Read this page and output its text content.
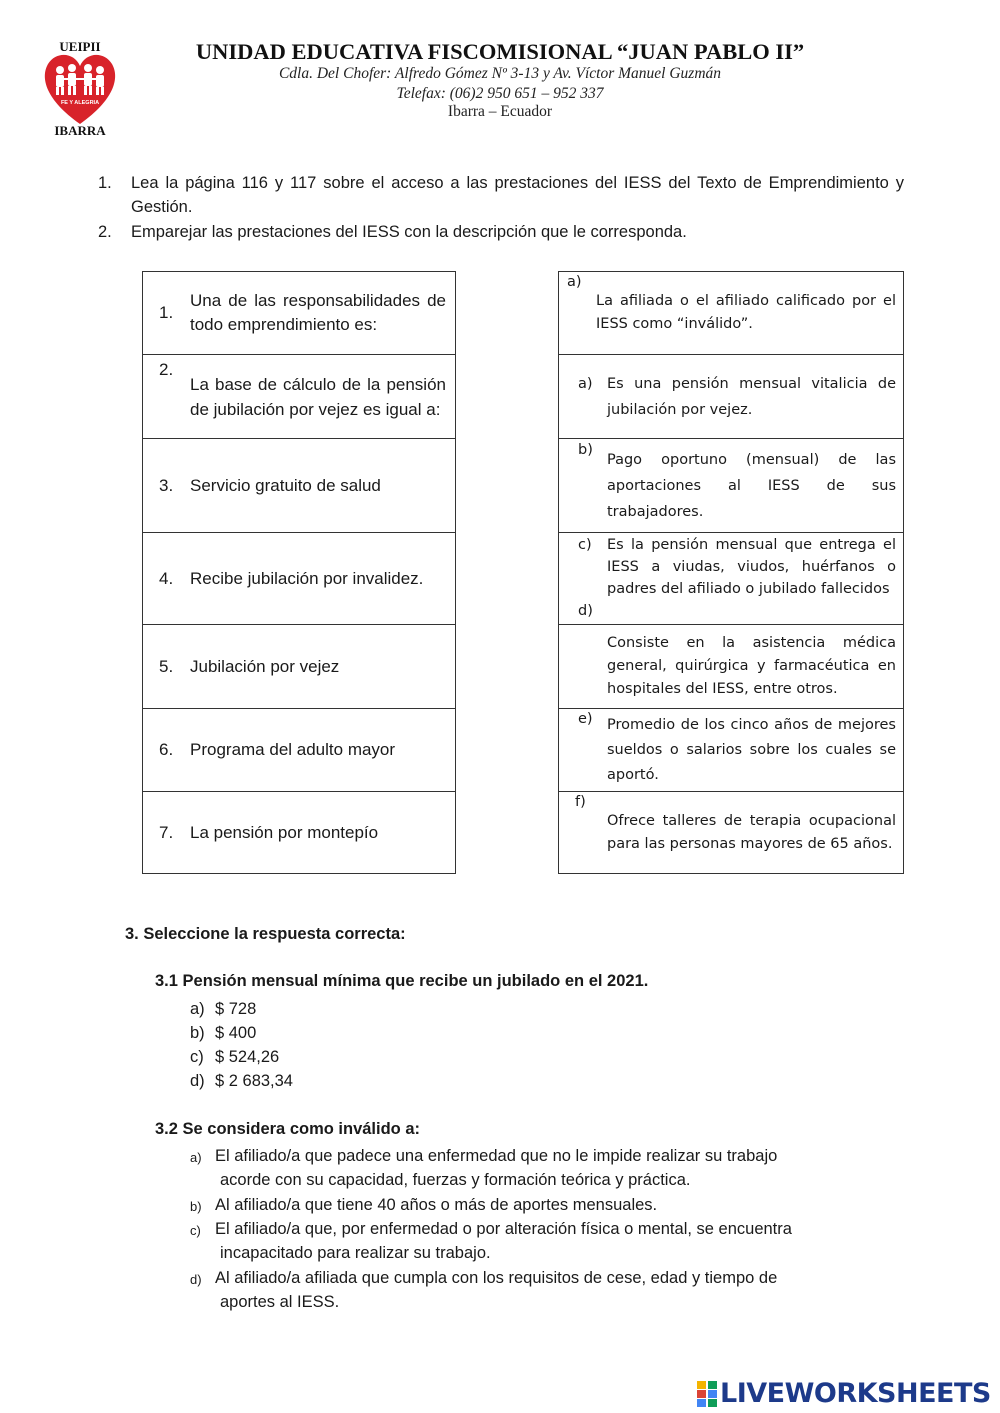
UEIPII
FE Y ALEGRIA
IBARRA
UNIDAD EDUCATIVA FISCOMISIONAL “JUAN PABLO II”
Cdla. Del Chofer: Alfredo Gómez Nº 3-13 y Av. Víctor Manuel Guzmán
Telefax: (06)2 950 651 – 952 337
Ibarra – Ecuador
1. Lea la página 116 y 117 sobre el acceso a las prestaciones del IESS del Texto de Emprendimiento y Gestión.
2. Emparejar las prestaciones del IESS con la descripción que le corresponda.
1.
Una de las responsabilidades de todo emprendimiento es:
2.
La base de cálculo de la pensión de jubilación por vejez es igual a:
3. Servicio gratuito de salud
4. Recibe jubilación por invalidez.
5. Jubilación por vejez
6. Programa del adulto mayor
7. La pensión por montepío
a)
La afiliada o el afiliado calificado por el IESS como “inválido”.
a) Es una pensión mensual vitalicia de jubilación por vejez.
b)
Pago oportuno (mensual) de las aportaciones al IESS de sus trabajadores.
c)

d)
Es la pensión mensual que entrega el IESS a viudas, viudos, huérfanos o padres del afiliado o jubilado fallecidos
Consiste en la asistencia médica general, quirúrgica y farmacéutica en hospitales del IESS, entre otros.
e) Promedio de los cinco años de mejores sueldos o salarios sobre los cuales se aportó.
f)
Ofrece talleres de terapia ocupacional para las personas mayores de 65 años.
3. Seleccione la respuesta correcta:
3.1 Pensión mensual mínima que recibe un jubilado en el 2021.
a) $ 728
b) $ 400
c) $ 524,26
d) $ 2 683,34
3.2 Se considera como inválido a:
a) El afiliado/a que padece una enfermedad que no le impide realizar su trabajo
acorde con su capacidad, fuerzas y formación teórica y práctica.
b) Al afiliado/a que tiene 40 años o más de aportes mensuales.
c) El afiliado/a que, por enfermedad o por alteración física o mental, se encuentra
incapacitado para realizar su trabajo.
d) Al afiliado/a afiliada que cumpla con los requisitos de cese, edad y tiempo de
aportes al IESS.
LIVEWORKSHEETS
